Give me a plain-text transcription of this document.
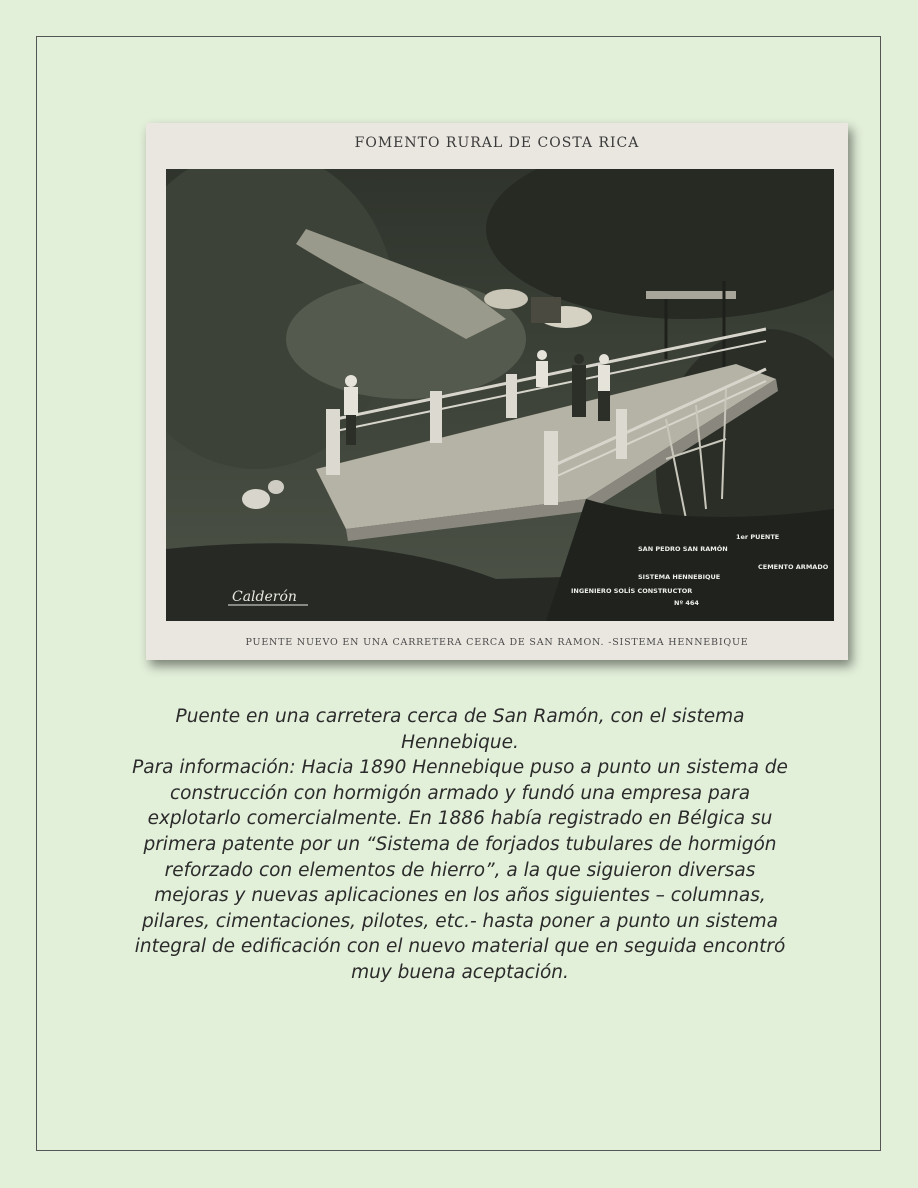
FOMENTO RURAL DE COSTA RICA
Calderón
1er PUENTE
SAN PEDRO SAN RAMÓN
CEMENTO ARMADO
SISTEMA HENNEBIQUE
INGENIERO SOLÍS CONSTRUCTOR
Nº 464
PUENTE NUEVO EN UNA CARRETERA CERCA DE SAN RAMON. -SISTEMA HENNEBIQUE

Puente en una carretera cerca de San Ramón, con el sistema Hennebique.

Para información: Hacia 1890 Hennebique puso a punto un sistema de construcción con hormigón armado y fundó una empresa para explotarlo comercialmente. En 1886 había registrado en Bélgica su primera patente por un “Sistema de forjados tubulares de hormigón reforzado con elementos de hierro”, a la que siguieron diversas mejoras y nuevas aplicaciones en los años siguientes – columnas, pilares, cimentaciones, pilotes, etc.- hasta poner a punto un sistema integral de edificación con el nuevo material que en seguida encontró muy buena aceptación.
